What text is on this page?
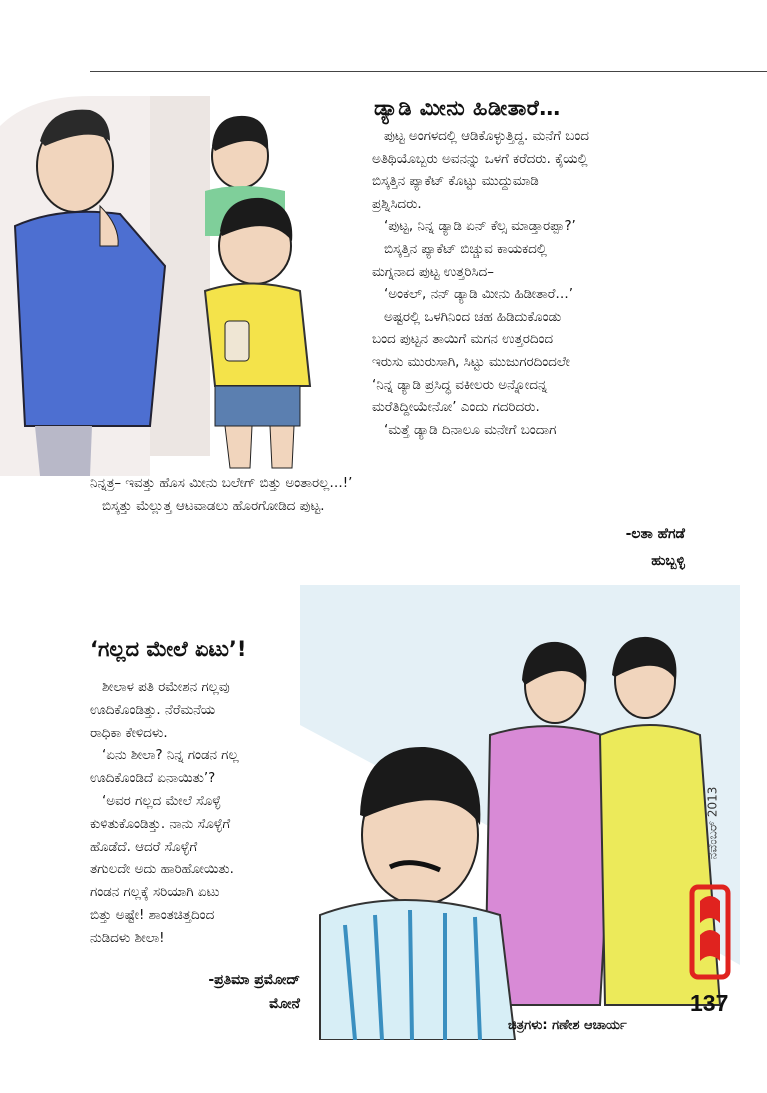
ಡ್ಯಾಡಿ ಮೀನು ಹಿಡೀತಾರೆ…

ಪುಟ್ಟ ಅಂಗಳದಲ್ಲಿ ಆಡಿಕೊಳ್ಳುತ್ತಿದ್ದ. ಮನೆಗೆ ಬಂದ

ಅತಿಥಿಯೊಬ್ಬರು ಅವನನ್ನು ಒಳಗೆ ಕರೆದರು. ಕೈಯಲ್ಲಿ

ಬಿಸ್ಕತ್ತಿನ ಪ್ಯಾಕೆಟ್ ಕೊಟ್ಟು ಮುದ್ದುಮಾಡಿ

ಪ್ರಶ್ನಿಸಿದರು.

‘ಪುಟ್ಟ, ನಿನ್ನ ಡ್ಯಾಡಿ ಏನ್ ಕೆಲ್ಸ ಮಾಡ್ತಾರಪ್ಪಾ?’

ಬಿಸ್ಕತ್ತಿನ ಪ್ಯಾಕೆಟ್ ಬಿಚ್ಚುವ ಕಾಯಕದಲ್ಲಿ

ಮಗ್ನನಾದ ಪುಟ್ಟ ಉತ್ತರಿಸಿದ–

‘ಅಂಕಲ್, ನನ್ ಡ್ಯಾಡಿ ಮೀನು ಹಿಡೀತಾರೆ…’

ಅಷ್ಟರಲ್ಲಿ ಒಳಗಿನಿಂದ ಚಹ ಹಿಡಿದುಕೊಂಡು

ಬಂದ ಪುಟ್ಟನ ತಾಯಿಗೆ ಮಗನ ಉತ್ತರದಿಂದ

ಇರುಸು ಮುರುಸಾಗಿ, ಸಿಟ್ಟು ಮುಜುಗರದಿಂದಲೇ

‘ನಿನ್ನ ಡ್ಯಾಡಿ ಪ್ರಸಿದ್ಧ ವಕೀಲರು ಅನ್ನೋದನ್ನ

ಮರೆತಿದ್ದೀಯೇನೋ’ ಎಂದು ಗದರಿದರು.

‘ಮತ್ತೆ ಡ್ಯಾಡಿ ದಿನಾಲೂ ಮನೇಗೆ ಬಂದಾಗ

ನಿನ್ನತ್ರ– ಇವತ್ತು ಹೊಸ ಮೀನು ಬಲೇಗ್ ಬಿತ್ತು ಅಂತಾರಲ್ಲ…!’

ಬಿಸ್ಕತ್ತು ಮೆಲ್ಲುತ್ತ ಆಟವಾಡಲು ಹೊರಗೋಡಿದ ಪುಟ್ಟ.

-ಲತಾ ಹೆಗಡೆ
ಹುಬ್ಬಳ್ಳಿ
‘ಗಲ್ಲದ ಮೇಲೆ ಏಟು’!

ಶೀಲಾಳ ಪತಿ ರಮೇಶನ ಗಲ್ಲವು

ಊದಿಕೊಂಡಿತ್ತು. ನೆರೆಮನೆಯ

ರಾಧಿಕಾ ಕೇಳಿದಳು.

‘ಏನು ಶೀಲಾ? ನಿನ್ನ ಗಂಡನ ಗಲ್ಲ

ಊದಿಕೊಂಡಿದೆ ಏನಾಯಿತು’?

‘ಅವರ ಗಲ್ಲದ ಮೇಲೆ ಸೊಳ್ಳೆ

ಕುಳಿತುಕೊಂಡಿತ್ತು. ನಾನು ಸೊಳ್ಳೆಗೆ

ಹೊಡೆದೆ. ಆದರೆ ಸೊಳ್ಳೆಗೆ

ತಗುಲದೇ ಅದು ಹಾರಿಹೋಯಿತು.

ಗಂಡನ ಗಲ್ಲಕ್ಕೆ ಸರಿಯಾಗಿ ಏಟು

ಬಿತ್ತು ಅಷ್ಟೇ! ಶಾಂತಚಿತ್ತದಿಂದ

ನುಡಿದಳು ಶೀಲಾ!

-ಪ್ರತಿಮಾ ಪ್ರಮೋದ್
ಮೋನೆ
ನವೆಂಬರ್ 2013
137
ಚಿತ್ರಗಳು: ಗಣೇಶ ಆಚಾರ್ಯ
